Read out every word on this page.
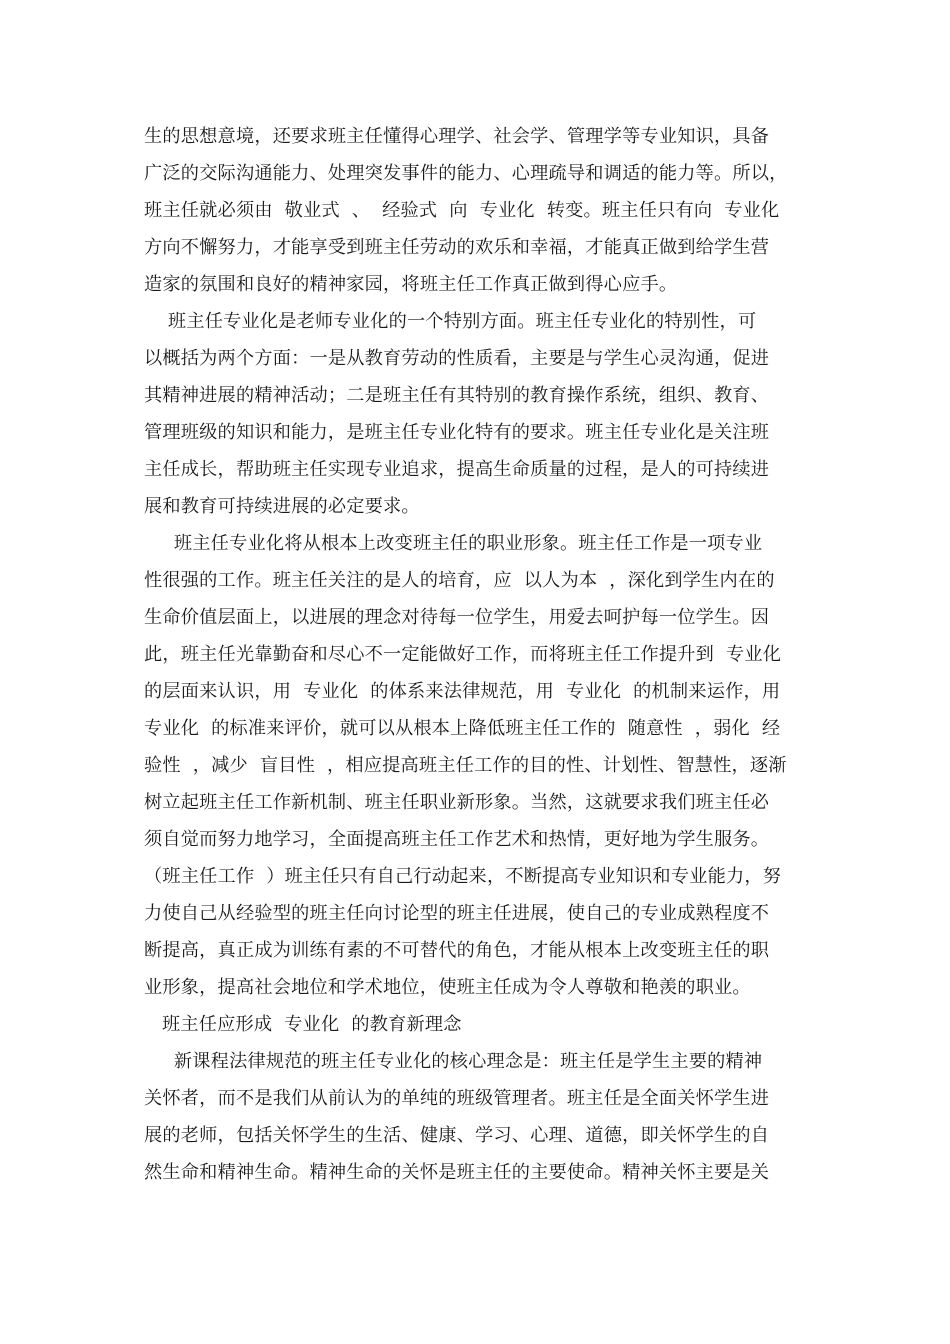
生的思想意境，还要求班主任懂得心理学、社会学、管理学等专业知识，具备
广泛的交际沟通能力、处理突发事件的能力、心理疏导和调适的能力等。所以，
班主任就必须由  敬业式  、  经验式  向  专业化  转变。班主任只有向  专业化
方向不懈努力，才能享受到班主任劳动的欢乐和幸福，才能真正做到给学生营
造家的氛围和良好的精神家园，将班主任工作真正做到得心应手。
班主任专业化是老师专业化的一个特别方面。班主任专业化的特别性，可
以概括为两个方面：一是从教育劳动的性质看，主要是与学生心灵沟通，促进
其精神进展的精神活动；二是班主任有其特别的教育操作系统，组织、教育、
管理班级的知识和能力，是班主任专业化特有的要求。班主任专业化是关注班
主任成长，帮助班主任实现专业追求，提高生命质量的过程，是人的可持续进
展和教育可持续进展的必定要求。
班主任专业化将从根本上改变班主任的职业形象。班主任工作是一项专业
性很强的工作。班主任关注的是人的培育，应  以人为本  ，深化到学生内在的
生命价值层面上，以进展的理念对待每一位学生，用爱去呵护每一位学生。因
此，班主任光靠勤奋和尽心不一定能做好工作，而将班主任工作提升到  专业化
的层面来认识，用  专业化  的体系来法律规范，用  专业化  的机制来运作，用
专业化  的标准来评价，就可以从根本上降低班主任工作的  随意性  ，弱化  经
验性  ，减少  盲目性  ，相应提高班主任工作的目的性、计划性、智慧性，逐渐
树立起班主任工作新机制、班主任职业新形象。当然，这就要求我们班主任必
须自觉而努力地学习，全面提高班主任工作艺术和热情，更好地为学生服务。
（班主任工作  ）班主任只有自己行动起来，不断提高专业知识和专业能力，努
力使自己从经验型的班主任向讨论型的班主任进展，使自己的专业成熟程度不
断提高，真正成为训练有素的不可替代的角色，才能从根本上改变班主任的职
业形象，提高社会地位和学术地位，使班主任成为令人尊敬和艳羡的职业。
班主任应形成  专业化  的教育新理念
新课程法律规范的班主任专业化的核心理念是：班主任是学生主要的精神
关怀者，而不是我们从前认为的单纯的班级管理者。班主任是全面关怀学生进
展的老师，包括关怀学生的生活、健康、学习、心理、道德，即关怀学生的自
然生命和精神生命。精神生命的关怀是班主任的主要使命。精神关怀主要是关
